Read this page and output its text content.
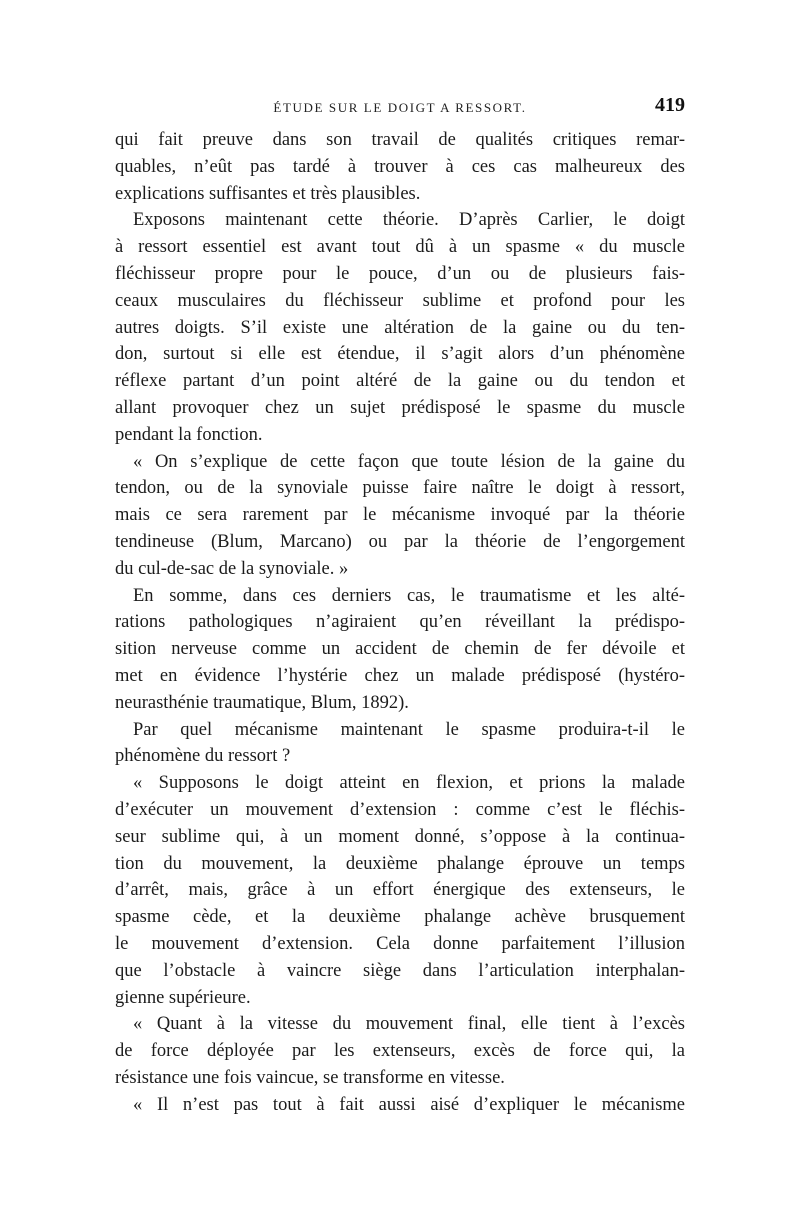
ÉTUDE SUR LE DOIGT A RESSORT.	419
qui fait preuve dans son travail de qualités critiques remar-
quables, n’eût pas tardé à trouver à ces cas malheureux des
explications suffisantes et très plausibles.
Exposons maintenant cette théorie. D’après Carlier, le doigt
à ressort essentiel est avant tout dû à un spasme « du muscle
fléchisseur propre pour le pouce, d’un ou de plusieurs fais-
ceaux musculaires du fléchisseur sublime et profond pour les
autres doigts. S’il existe une altération de la gaine ou du ten-
don, surtout si elle est étendue, il s’agit alors d’un phénomène
réflexe partant d’un point altéré de la gaine ou du tendon et
allant provoquer chez un sujet prédisposé le spasme du muscle
pendant la fonction.
« On s’explique de cette façon que toute lésion de la gaine du
tendon, ou de la synoviale puisse faire naître le doigt à ressort,
mais ce sera rarement par le mécanisme invoqué par la théorie
tendineuse (Blum, Marcano) ou par la théorie de l’engorgement
du cul-de-sac de la synoviale. »
En somme, dans ces derniers cas, le traumatisme et les alté-
rations pathologiques n’agiraient qu’en réveillant la prédispo-
sition nerveuse comme un accident de chemin de fer dévoile et
met en évidence l’hystérie chez un malade prédisposé (hystéro-
neurasthénie traumatique, Blum, 1892).
Par quel mécanisme maintenant le spasme produira-t-il le
phénomène du ressort ?
« Supposons le doigt atteint en flexion, et prions la malade
d’exécuter un mouvement d’extension : comme c’est le fléchis-
seur sublime qui, à un moment donné, s’oppose à la continua-
tion du mouvement, la deuxième phalange éprouve un temps
d’arrêt, mais, grâce à un effort énergique des extenseurs, le
spasme cède, et la deuxième phalange achève brusquement
le mouvement d’extension. Cela donne parfaitement l’illusion
que l’obstacle à vaincre siège dans l’articulation interphalan-
gienne supérieure.
« Quant à la vitesse du mouvement final, elle tient à l’excès
de force déployée par les extenseurs, excès de force qui, la
résistance une fois vaincue, se transforme en vitesse.
« Il n’est pas tout à fait aussi aisé d’expliquer le mécanisme
